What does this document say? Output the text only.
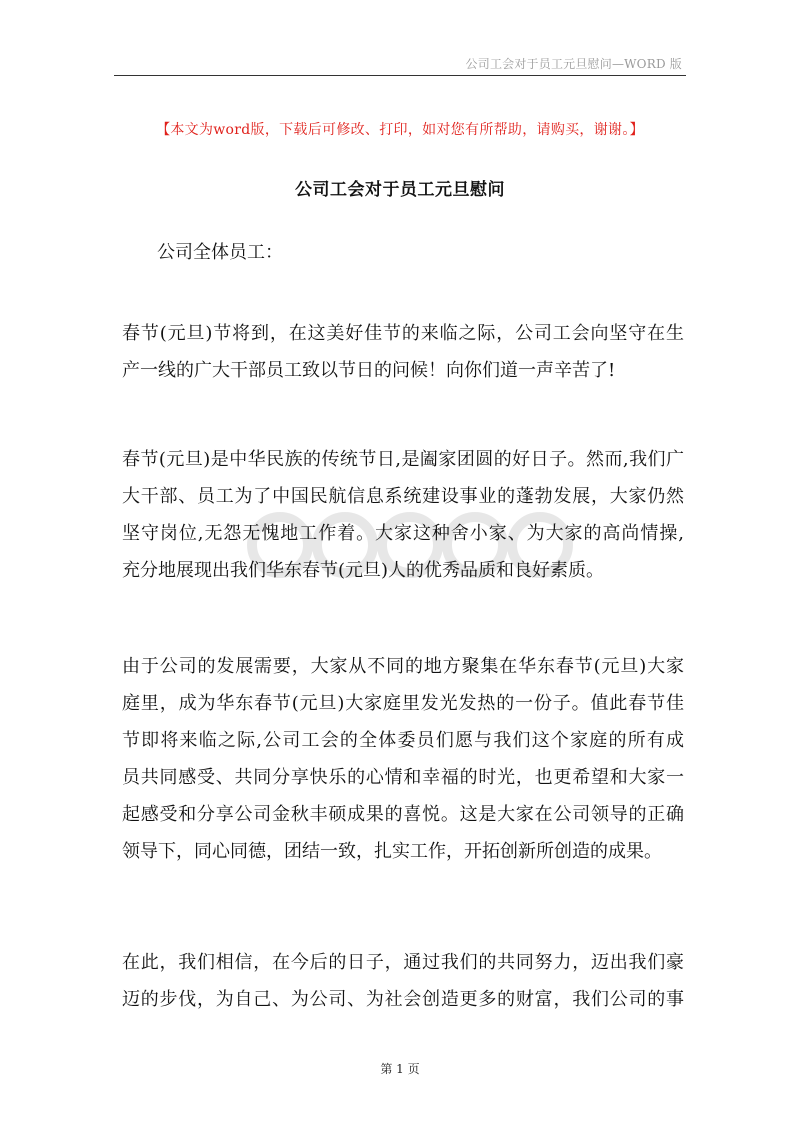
公司工会对于员工元旦慰问—WORD 版
【本文为word版，下载后可修改、打印，如对您有所帮助，请购买，谢谢。】
公司工会对于员工元旦慰问
公司全体员工：
春节(元旦)节将到，在这美好佳节的来临之际，公司工会向坚守在生
产一线的广大干部员工致以节日的问候！向你们道一声辛苦了!
春节(元旦)是中华民族的传统节日,是阖家团圆的好日子。然而,我们广
大干部、员工为了中国民航信息系统建设事业的蓬勃发展，大家仍然
坚守岗位,无怨无愧地工作着。大家这种舍小家、为大家的高尚情操,
充分地展现出我们华东春节(元旦)人的优秀品质和良好素质。
由于公司的发展需要，大家从不同的地方聚集在华东春节(元旦)大家
庭里，成为华东春节(元旦)大家庭里发光发热的一份子。值此春节佳
节即将来临之际,公司工会的全体委员们愿与我们这个家庭的所有成
员共同感受、共同分享快乐的心情和幸福的时光，也更希望和大家一
起感受和分享公司金秋丰硕成果的喜悦。这是大家在公司领导的正确
领导下，同心同德，团结一致，扎实工作，开拓创新所创造的成果。
在此，我们相信，在今后的日子，通过我们的共同努力，迈出我们豪
迈的步伐，为自己、为公司、为社会创造更多的财富，我们公司的事
第 1 页
